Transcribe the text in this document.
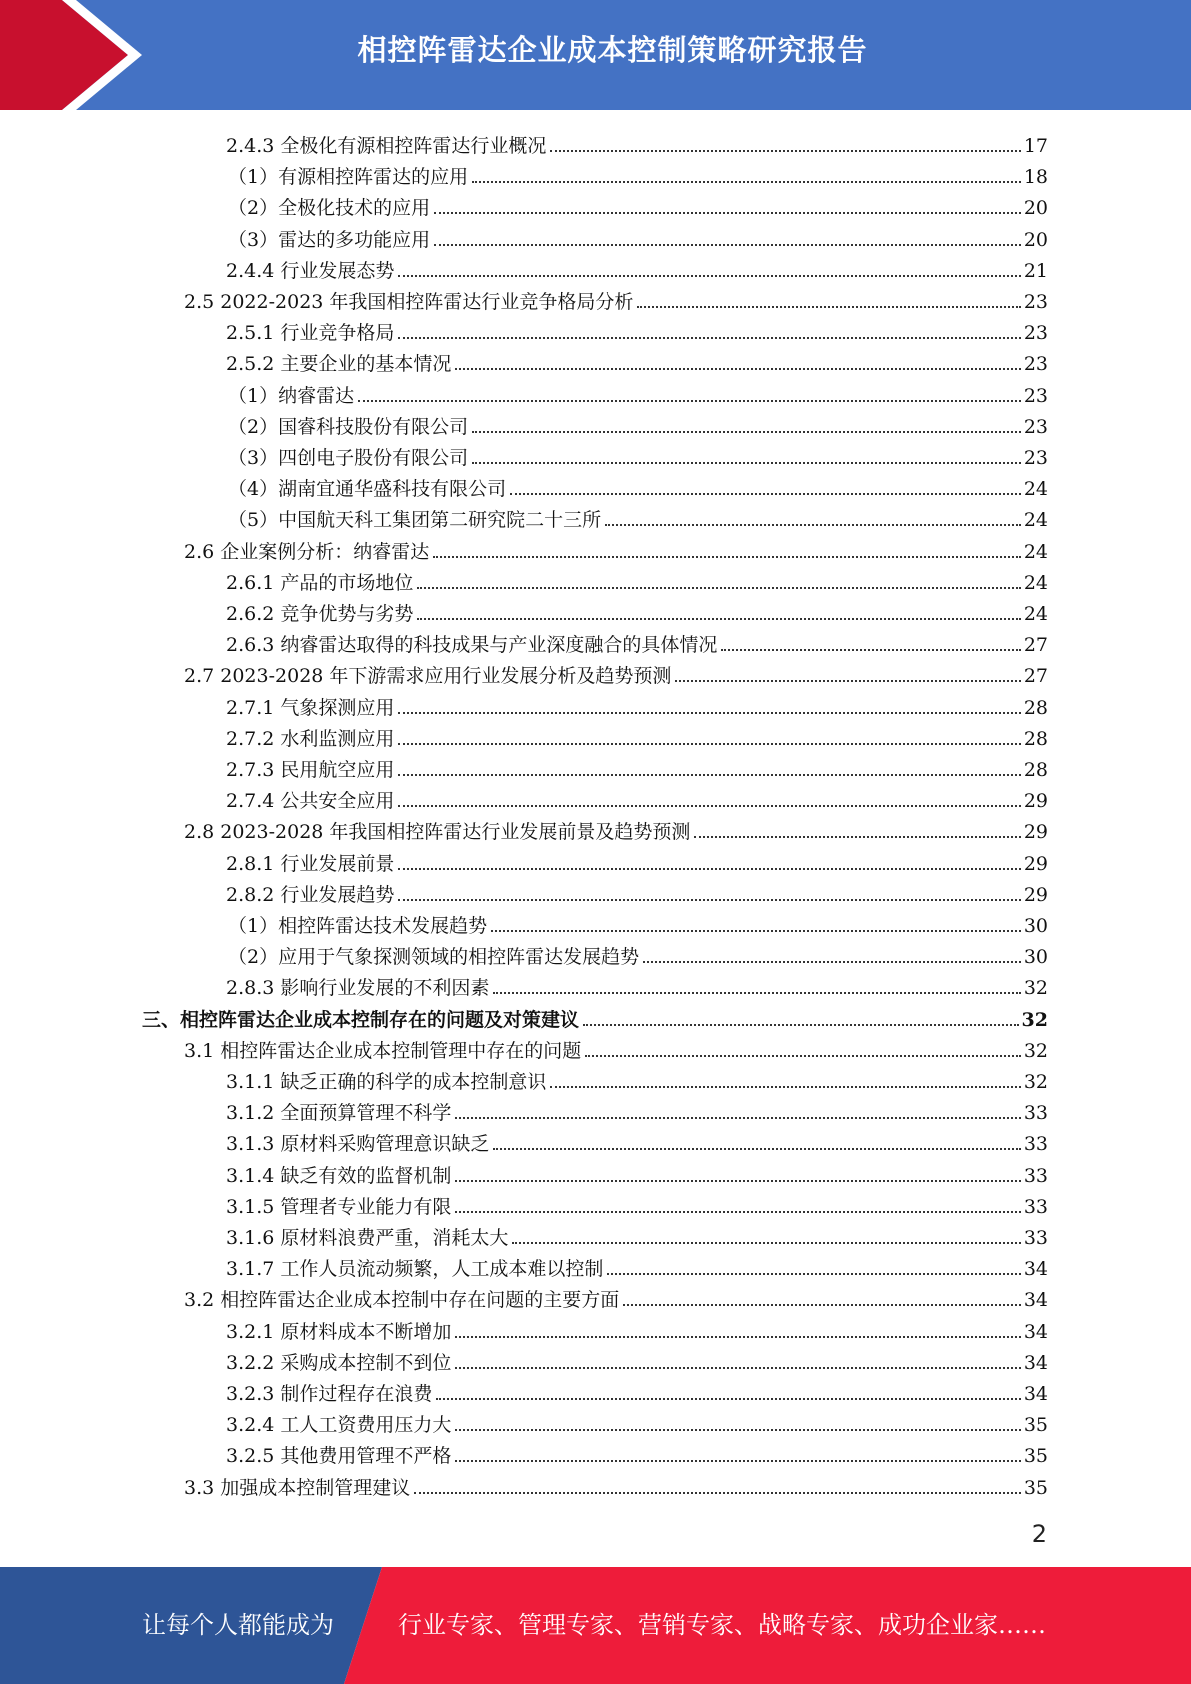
相控阵雷达企业成本控制策略研究报告
2.4.3 全极化有源相控阵雷达行业概况	17
（1）有源相控阵雷达的应用	18
（2）全极化技术的应用	20
（3）雷达的多功能应用	20
2.4.4 行业发展态势	21
2.5 2022-2023 年我国相控阵雷达行业竞争格局分析	23
2.5.1 行业竞争格局	23
2.5.2 主要企业的基本情况	23
（1）纳睿雷达	23
（2）国睿科技股份有限公司	23
（3）四创电子股份有限公司	23
（4）湖南宜通华盛科技有限公司	24
（5）中国航天科工集团第二研究院二十三所	24
2.6 企业案例分析：纳睿雷达	24
2.6.1 产品的市场地位	24
2.6.2 竞争优势与劣势	24
2.6.3 纳睿雷达取得的科技成果与产业深度融合的具体情况	27
2.7 2023-2028 年下游需求应用行业发展分析及趋势预测	27
2.7.1 气象探测应用	28
2.7.2 水利监测应用	28
2.7.3 民用航空应用	28
2.7.4 公共安全应用	29
2.8 2023-2028 年我国相控阵雷达行业发展前景及趋势预测	29
2.8.1 行业发展前景	29
2.8.2 行业发展趋势	29
（1）相控阵雷达技术发展趋势	30
（2）应用于气象探测领域的相控阵雷达发展趋势	30
2.8.3 影响行业发展的不利因素	32
三、相控阵雷达企业成本控制存在的问题及对策建议	32
3.1 相控阵雷达企业成本控制管理中存在的问题	32
3.1.1 缺乏正确的科学的成本控制意识	32
3.1.2 全面预算管理不科学	33
3.1.3 原材料采购管理意识缺乏	33
3.1.4 缺乏有效的监督机制	33
3.1.5 管理者专业能力有限	33
3.1.6 原材料浪费严重，消耗太大	33
3.1.7 工作人员流动频繁，人工成本难以控制	34
3.2 相控阵雷达企业成本控制中存在问题的主要方面	34
3.2.1 原材料成本不断增加	34
3.2.2 采购成本控制不到位	34
3.2.3 制作过程存在浪费	34
3.2.4 工人工资费用压力大	35
3.2.5 其他费用管理不严格	35
3.3 加强成本控制管理建议	35
2
让每个人都能成为	行业专家、管理专家、营销专家、战略专家、成功企业家……
